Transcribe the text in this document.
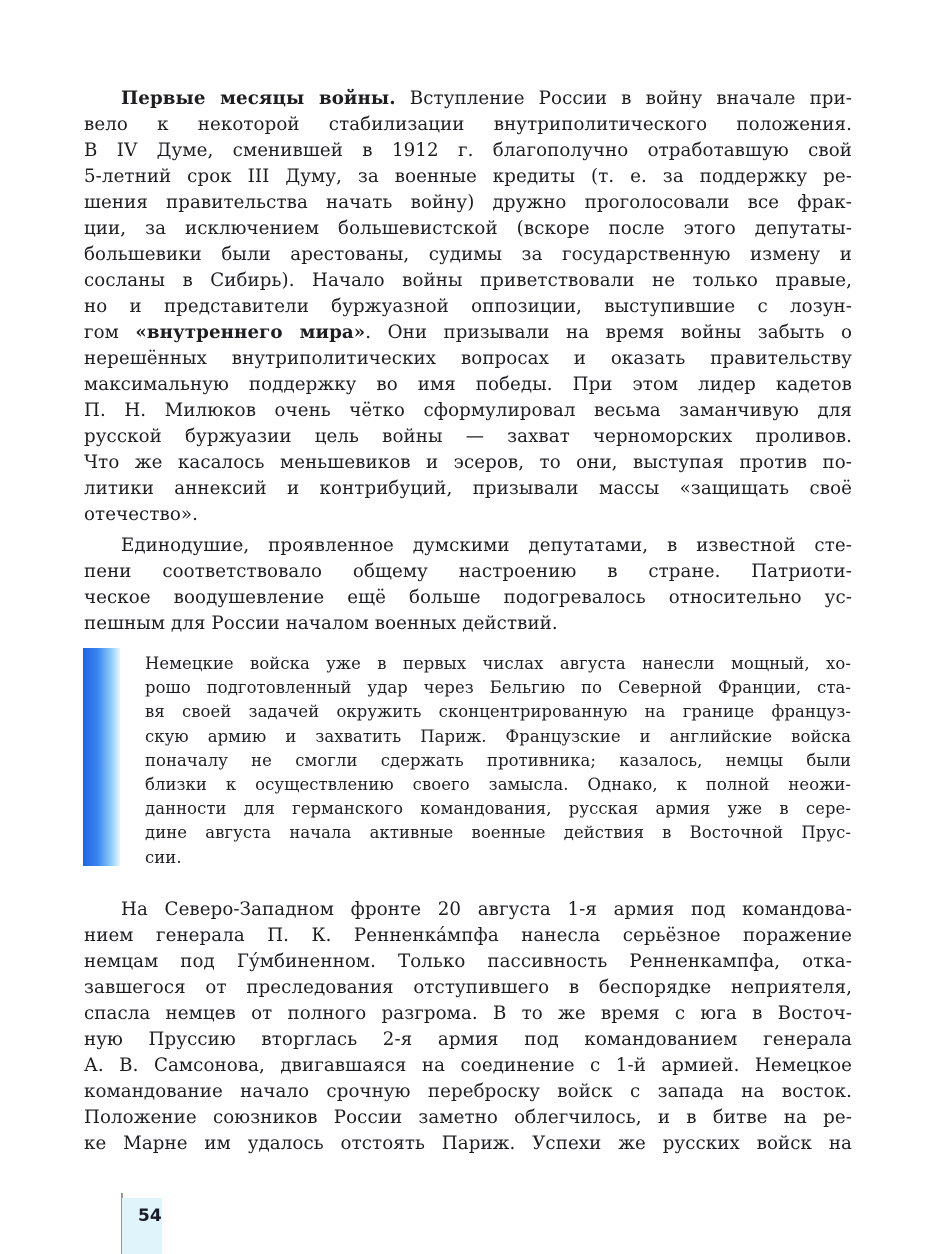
Первые месяцы войны. Вступление России в войну вначале при-
вело к некоторой стабилизации внутриполитического положения.
В IV Думе, сменившей в 1912 г. благополучно отработавшую свой
5-летний срок III Думу, за военные кредиты (т. е. за поддержку ре-
шения правительства начать войну) дружно проголосовали все фрак-
ции, за исключением большевистской (вскоре после этого депутаты-
большевики были арестованы, судимы за государственную измену и
сосланы в Сибирь). Начало войны приветствовали не только правые,
но и представители буржуазной оппозиции, выступившие с лозун-
гом «внутреннего мира». Они призывали на время войны забыть о
нерешённых внутриполитических вопросах и оказать правительству
максимальную поддержку во имя победы. При этом лидер кадетов
П. Н. Милюков очень чётко сформулировал весьма заманчивую для
русской буржуазии цель войны — захват черноморских проливов.
Что же касалось меньшевиков и эсеров, то они, выступая против по-
литики аннексий и контрибуций, призывали массы «защищать своё
отечество».
Единодушие, проявленное думскими депутатами, в известной сте-
пени соответствовало общему настроению в стране. Патриоти-
ческое воодушевление ещё больше подогревалось относительно ус-
пешным для России началом военных действий.
Немецкие войска уже в первых числах августа нанесли мощный, хо-
рошо подготовленный удар через Бельгию по Северной Франции, ста-
вя своей задачей окружить сконцентрированную на границе француз-
скую армию и захватить Париж. Французские и английские войска
поначалу не смогли сдержать противника; казалось, немцы были
близки к осуществлению своего замысла. Однако, к полной неожи-
данности для германского командования, русская армия уже в сере-
дине августа начала активные военные действия в Восточной Прус-
сии.
На Северо-Западном фронте 20 августа 1-я армия под командова-
нием генерала П. К. Ренненка́мпфа нанесла серьёзное поражение
немцам под Гу́мбиненном. Только пассивность Ренненкампфа, отка-
завшегося от преследования отступившего в беспорядке неприятеля,
спасла немцев от полного разгрома. В то же время с юга в Восточ-
ную Пруссию вторглась 2-я армия под командованием генерала
А. В. Самсонова, двигавшаяся на соединение с 1-й армией. Немецкое
командование начало срочную переброску войск с запада на восток.
Положение союзников России заметно облегчилось, и в битве на ре-
ке Марне им удалось отстоять Париж. Успехи же русских войск на
54
